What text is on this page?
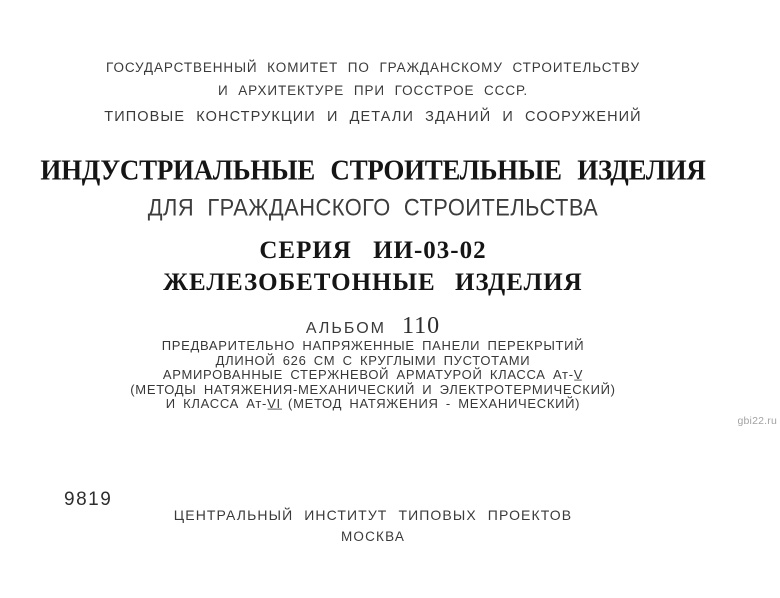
ГОСУДАРСТВЕННЫЙ КОМИТЕТ ПО ГРАЖДАНСКОМУ СТРОИТЕЛЬСТВУ
И АРХИТЕКТУРЕ ПРИ ГОССТРОЕ СССР.
ТИПОВЫЕ КОНСТРУКЦИИ И ДЕТАЛИ ЗДАНИЙ И СООРУЖЕНИЙ
ИНДУСТРИАЛЬНЫЕ СТРОИТЕЛЬНЫЕ ИЗДЕЛИЯ
ДЛЯ ГРАЖДАНСКОГО СТРОИТЕЛЬСТВА
СЕРИЯ ИИ-03-02
ЖЕЛЕЗОБЕТОННЫЕ ИЗДЕЛИЯ
АЛЬБОМ 110
ПРЕДВАРИТЕЛЬНО НАПРЯЖЕННЫЕ ПАНЕЛИ ПЕРЕКРЫТИЙ
ДЛИНОЙ 626 СМ С КРУГЛЫМИ ПУСТОТАМИ
АРМИРОВАННЫЕ СТЕРЖНЕВОЙ АРМАТУРОЙ КЛАССА Ат-V̲
(МЕТОДЫ НАТЯЖЕНИЯ-МЕХАНИЧЕСКИЙ И ЭЛЕКТРОТЕРМИЧЕСКИЙ)
И КЛАССА Ат-V̲I̲ (МЕТОД НАТЯЖЕНИЯ - МЕХАНИЧЕСКИЙ)
ЦЕНТРАЛЬНЫЙ ИНСТИТУТ ТИПОВЫХ ПРОЕКТОВ
МОСКВА
9819
gbi22.ru
